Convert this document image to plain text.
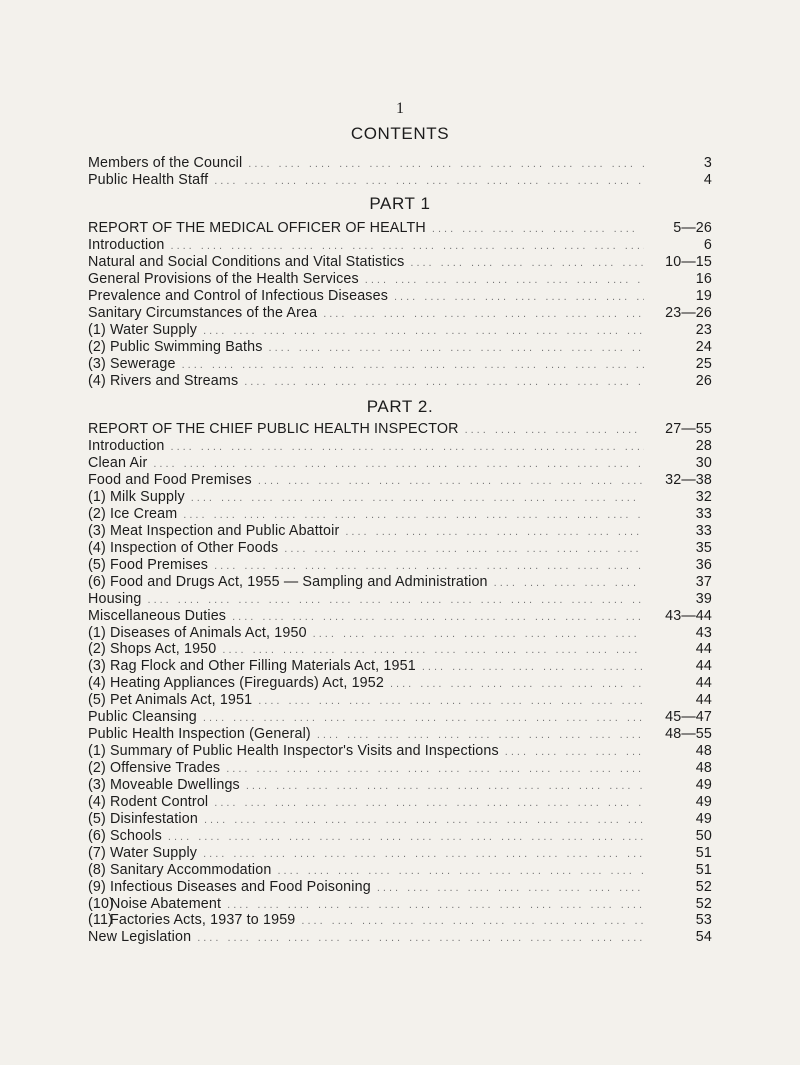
1
CONTENTS
Members of the Council ....	3
Public Health Staff ....	4
PART 1
REPORT OF THE MEDICAL OFFICER OF HEALTH ....	5—26
Introduction ....	6
Natural and Social Conditions and Vital Statistics ....	10—15
General Provisions of the Health Services ....	16
Prevalence and Control of Infectious Diseases ....	19
Sanitary Circumstances of the Area ....	23—26
(1) Water Supply ....	23
(2) Public Swimming Baths ....	24
(3) Sewerage ....	25
(4) Rivers and Streams ....	26
PART 2.
REPORT OF THE CHIEF PUBLIC HEALTH INSPECTOR ....	27—55
Introduction ....	28
Clean Air ....	30
Food and Food Premises ....	32—38
(1) Milk Supply ....	32
(2) Ice Cream ....	33
(3) Meat Inspection and Public Abattoir ....	33
(4) Inspection of Other Foods ....	35
(5) Food Premises ....	36
(6) Food and Drugs Act, 1955 — Sampling and Administration ....	37
Housing ....	39
Miscellaneous Duties ....	43—44
(1) Diseases of Animals Act, 1950 ....	43
(2) Shops Act, 1950 ....	44
(3) Rag Flock and Other Filling Materials Act, 1951 ....	44
(4) Heating Appliances (Fireguards) Act, 1952 ....	44
(5) Pet Animals Act, 1951 ....	44
Public Cleansing ....	45—47
Public Health Inspection (General) ....	48—55
(1) Summary of Public Health Inspector's Visits and Inspections ....	48
(2) Offensive Trades ....	48
(3) Moveable Dwellings ....	49
(4) Rodent Control ....	49
(5) Disinfestation ....	49
(6) Schools ....	50
(7) Water Supply ....	51
(8) Sanitary Accommodation ....	51
(9) Infectious Diseases and Food Poisoning ....	52
(10)Noise Abatement ....	52
(11)Factories Acts, 1937 to 1959 ....	53
New Legislation ....	54
